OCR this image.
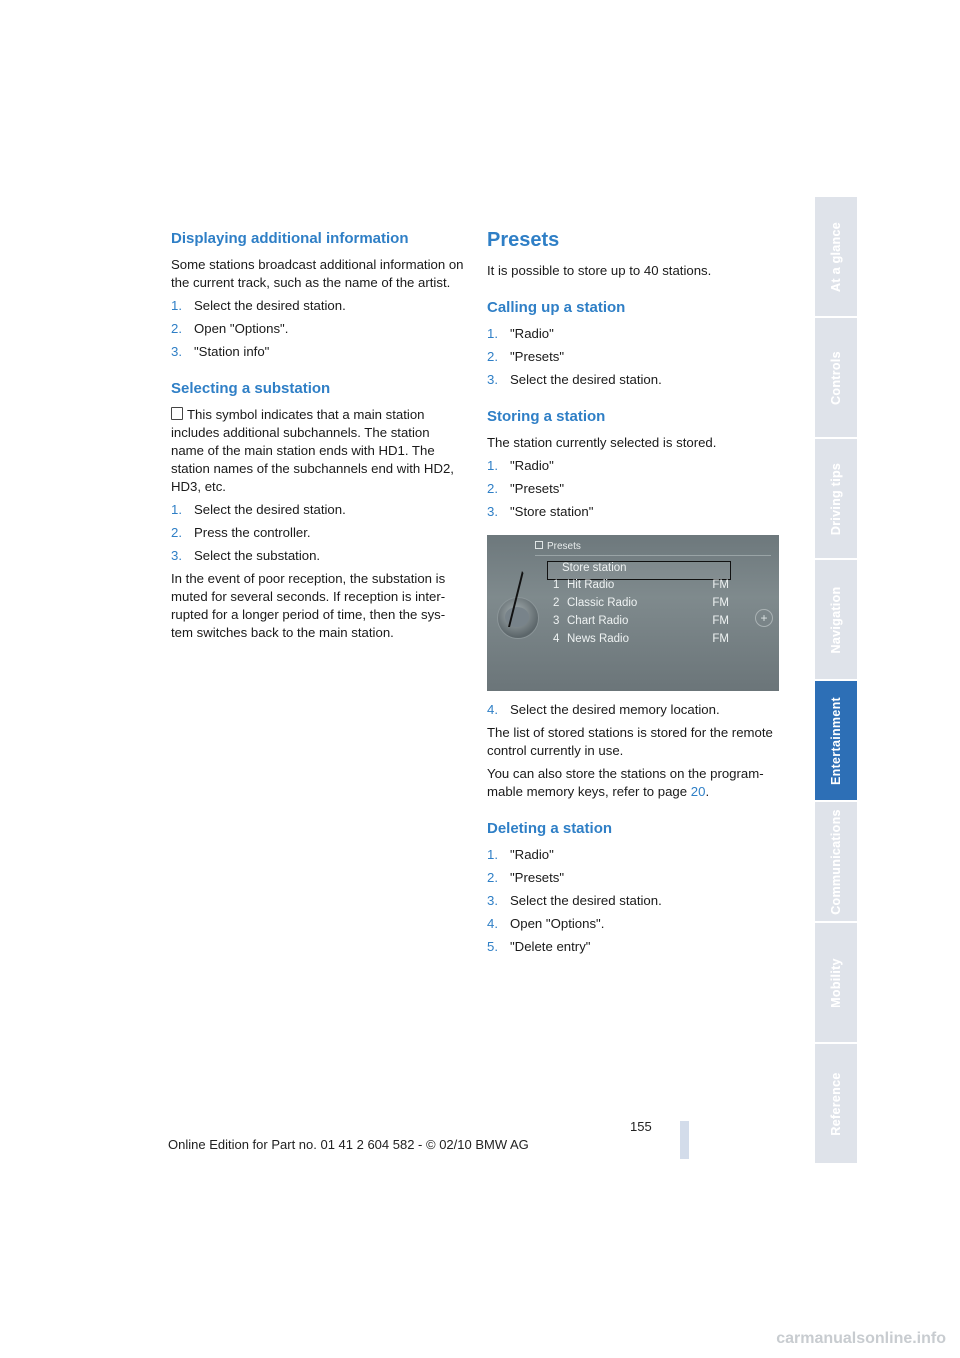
Displaying additional information

Some stations broadcast additional information on the current track, such as the name of the artist.

1. Select the desired station.
2. Open "Options".
3. "Station info"
Selecting a substation

This symbol indicates that a main station includes additional subchannels. The station name of the main station ends with HD1. The station names of the subchannels end with HD2, HD3, etc.

1. Select the desired station.
2. Press the controller.
3. Select the substation.

In the event of poor reception, the substation is muted for several seconds. If reception is inter-rupted for a longer period of time, then the sys-tem switches back to the main station.

Presets

It is possible to store up to 40 stations.

Calling up a station
1. "Radio"
2. "Presets"
3. Select the desired station.
Storing a station

The station currently selected is stored.

1. "Radio"
2. "Presets"
3. "Store station"
Presets
+
Store station
1 Hit Radio	FM
2 Classic Radio	FM
3 Chart Radio	FM
4 News Radio	FM
4. Select the desired memory location.

The list of stored stations is stored for the remote control currently in use.

You can also store the stations on the program-mable memory keys, refer to page 20.

Deleting a station
1. "Radio"
2. "Presets"
3. Select the desired station.
4. Open "Options".
5. "Delete entry"
At a glance
Controls
Driving tips
Navigation
Entertainment
Communications
Mobility
Reference
155
Online Edition for Part no. 01 41 2 604 582 - © 02/10 BMW AG
carmanualsonline.info
